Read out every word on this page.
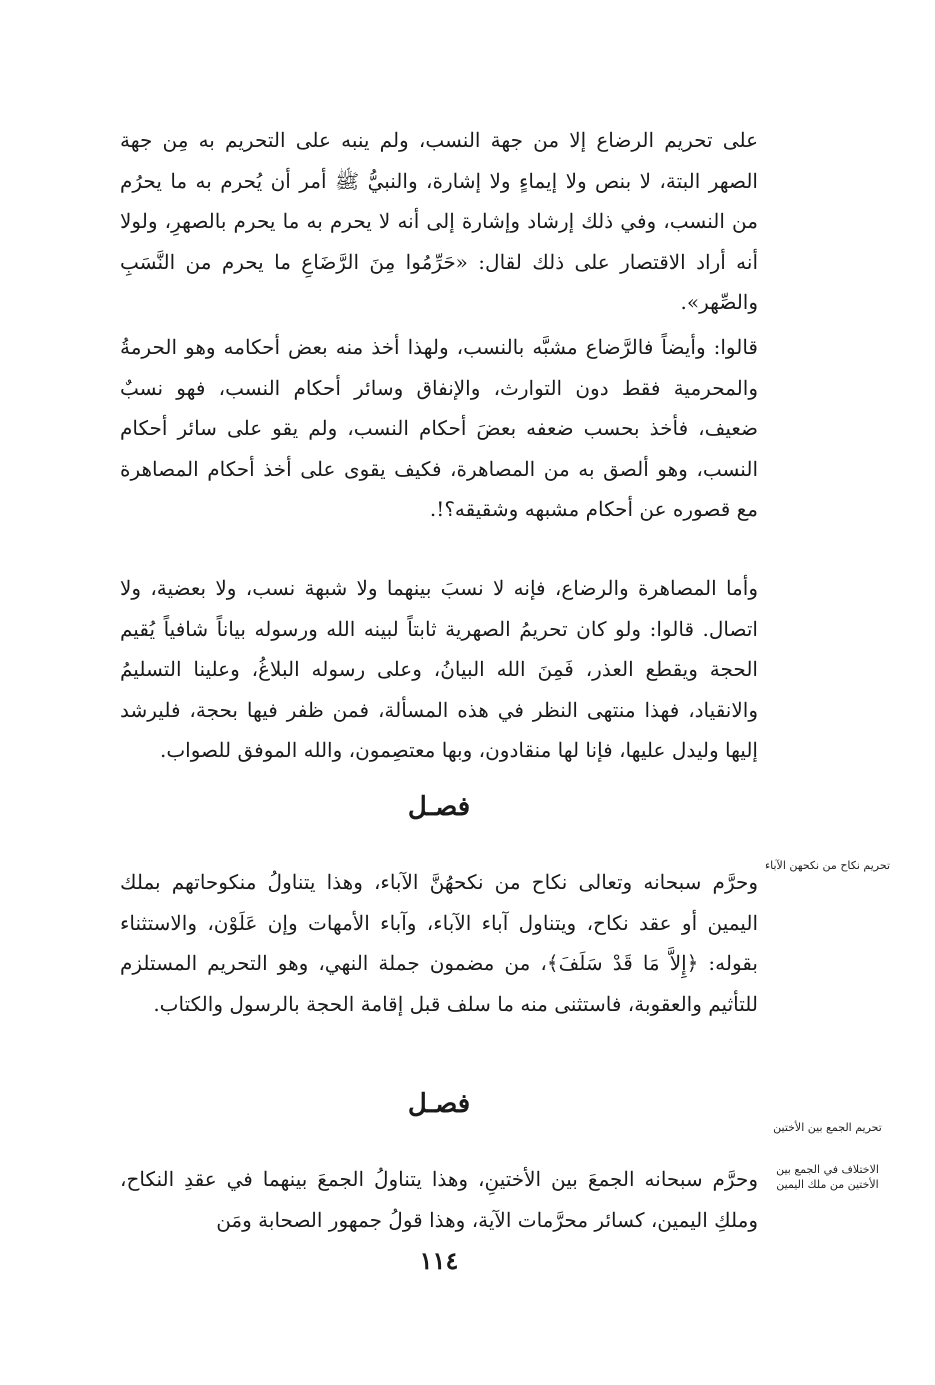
على تحريم الرضاع إلا من جهة النسب، ولم ينبه على التحريم به مِن جهة الصهر البتة، لا بنص ولا إيماءٍ ولا إشارة، والنبيُّ ﷺ أمر أن يُحرم به ما يحرُم من النسب، وفي ذلك إرشاد وإشارة إلى أنه لا يحرم به ما يحرم بالصهرِ، ولولا أنه أراد الاقتصار على ذلك لقال: «حَرِّمُوا مِنَ الرَّضَاعِ ما يحرم من النَّسَبِ والصِّهر».

قالوا: وأيضاً فالرَّضاع مشبَّه بالنسب، ولهذا أخذ منه بعض أحكامه وهو الحرمةُ والمحرمية فقط دون التوارث، والإنفاق وسائر أحكام النسب، فهو نسبٌ ضعيف، فأخذ بحسب ضعفه بعضَ أحكام النسب، ولم يقو على سائر أحكام النسب، وهو ألصق به من المصاهرة، فكيف يقوى على أخذ أحكام المصاهرة مع قصوره عن أحكام مشبهه وشقيقه؟!.

وأما المصاهرة والرضاع، فإنه لا نسبَ بينهما ولا شبهة نسب، ولا بعضية، ولا اتصال. قالوا: ولو كان تحريمُ الصهرية ثابتاً لبينه الله ورسوله بياناً شافياً يُقيم الحجة ويقطع العذر، فَمِنَ الله البيانُ، وعلى رسوله البلاغُ، وعلينا التسليمُ والانقياد، فهذا منتهى النظر في هذه المسألة، فمن ظفر فيها بحجة، فليرشد إليها وليدل عليها، فإنا لها منقادون، وبها معتصِمون، والله الموفق للصواب.

فصـل
تحريم نكاح من نكحهن الآباء

وحرَّم سبحانه وتعالى نكاح من نكحهُنَّ الآباء، وهذا يتناولُ منكوحاتهم بملك اليمين أو عقد نكاح، ويتناول آباء الآباء، وآباء الأمهات وإن عَلَوْن، والاستثناء بقوله: ﴿إِلاَّ مَا قَدْ سَلَفَ﴾، من مضمون جملة النهي، وهو التحريم المستلزم للتأثيم والعقوبة، فاستثنى منه ما سلف قبل إقامة الحجة بالرسول والكتاب.

فصـل
تحريم الجمع بين الأختين
الاختلاف في الجمع بين الأختين من ملك اليمين

وحرَّم سبحانه الجمعَ بين الأختينِ، وهذا يتناولُ الجمعَ بينهما في عقدِ النكاح، وملكِ اليمين، كسائر محرَّمات الآية، وهذا قولُ جمهور الصحابة ومَن

١١٤
